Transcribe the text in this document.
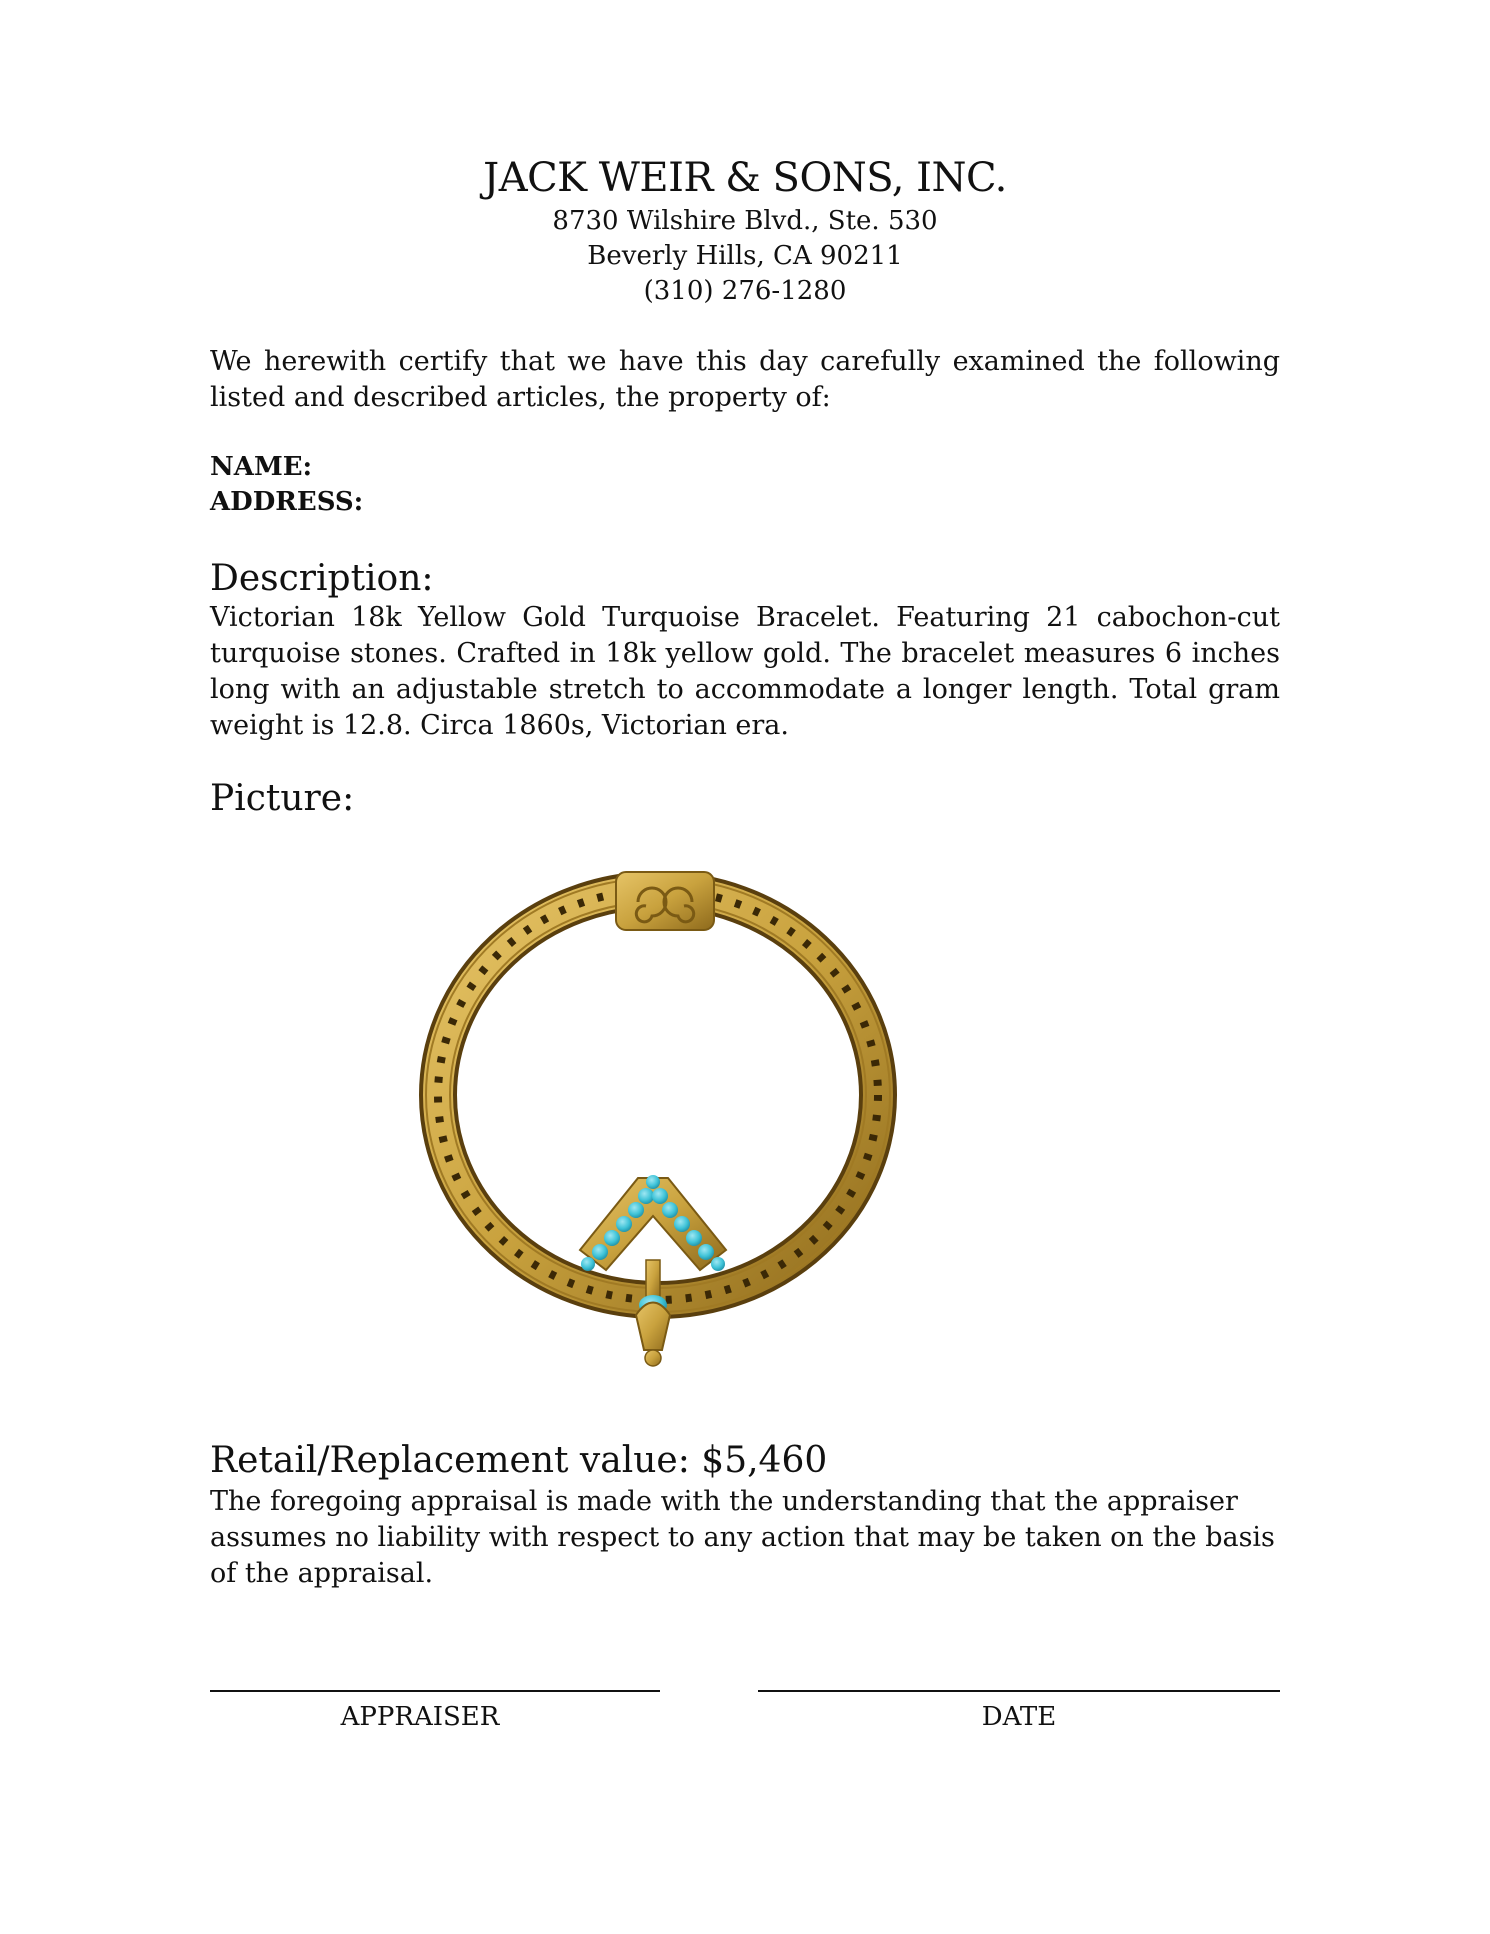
JACK WEIR & SONS, INC.
8730 Wilshire Blvd., Ste. 530
Beverly Hills, CA 90211
(310) 276-1280
We herewith certify that we have this day carefully examined the following listed and described articles, the property of:
NAME:
ADDRESS:
Description:
Victorian 18k Yellow Gold Turquoise Bracelet. Featuring 21 cabochon-cut turquoise stones. Crafted in 18k yellow gold. The bracelet measures 6 inches long with an adjustable stretch to accommodate a longer length. Total gram weight is 12.8. Circa 1860s, Victorian era.
Picture:
Retail/Replacement value: $5,460
The foregoing appraisal is made with the understanding that the appraiser assumes no liability with respect to any action that may be taken on the basis of the appraisal.
APPRAISER	DATE
